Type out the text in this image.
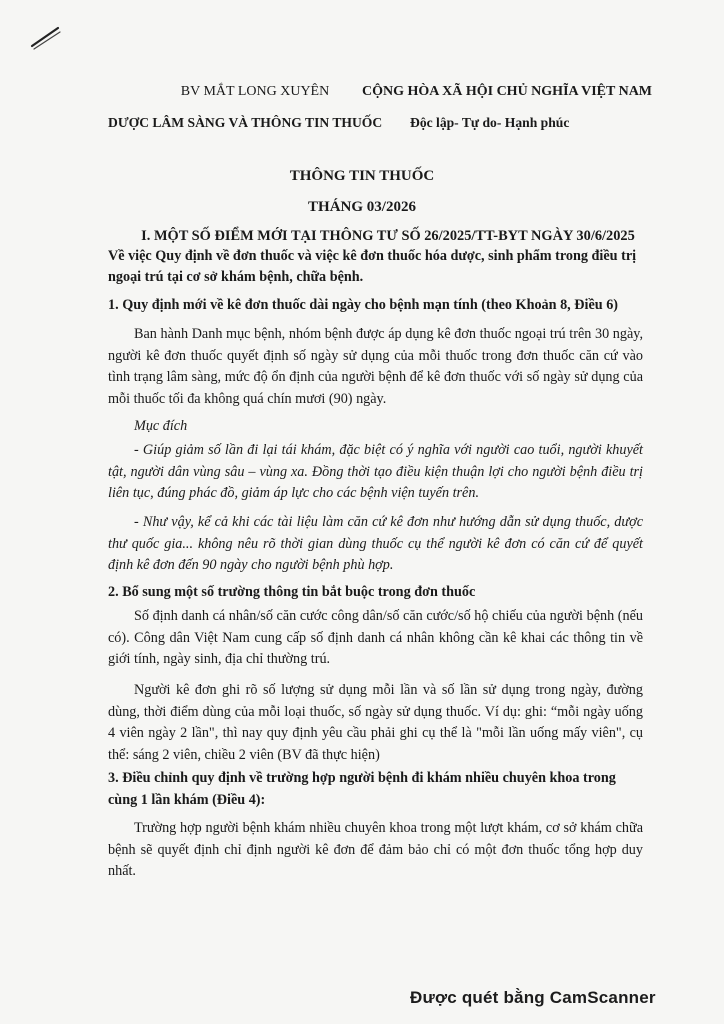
BV MẮT LONG XUYÊN
DƯỢC LÂM SÀNG VÀ THÔNG TIN THUỐC
CỘNG HÒA XÃ HỘI CHỦ NGHĨA VIỆT NAM
Độc lập- Tự do- Hạnh phúc
THÔNG TIN THUỐC
THÁNG 03/2026
I. MỘT SỐ ĐIỂM MỚI TẠI THÔNG TƯ SỐ 26/2025/TT-BYT NGÀY 30/6/2025
Về việc Quy định về đơn thuốc và việc kê đơn thuốc hóa dược, sinh phẩm trong điều trị ngoại trú tại cơ sở khám bệnh, chữa bệnh.
1. Quy định mới về kê đơn thuốc dài ngày cho bệnh mạn tính (theo Khoản 8, Điều 6)
Ban hành Danh mục bệnh, nhóm bệnh được áp dụng kê đơn thuốc ngoại trú trên 30 ngày, người kê đơn thuốc quyết định số ngày sử dụng của mỗi thuốc trong đơn thuốc căn cứ vào tình trạng lâm sàng, mức độ ổn định của người bệnh để kê đơn thuốc với số ngày sử dụng của mỗi thuốc tối đa không quá chín mươi (90) ngày.
Mục đích
- Giúp giảm số lần đi lại tái khám, đặc biệt có ý nghĩa với người cao tuổi, người khuyết tật, người dân vùng sâu – vùng xa. Đồng thời tạo điều kiện thuận lợi cho người bệnh điều trị liên tục, đúng phác đồ, giảm áp lực cho các bệnh viện tuyến trên.
- Như vậy, kể cả khi các tài liệu làm căn cứ kê đơn như hướng dẫn sử dụng thuốc, dược thư quốc gia... không nêu rõ thời gian dùng thuốc cụ thể người kê đơn có căn cứ để quyết định kê đơn đến 90 ngày cho người bệnh phù hợp.
2. Bổ sung một số trường thông tin bắt buộc trong đơn thuốc
Số định danh cá nhân/số căn cước công dân/số căn cước/số hộ chiếu của người bệnh (nếu có). Công dân Việt Nam cung cấp số định danh cá nhân không cần kê khai các thông tin về giới tính, ngày sinh, địa chỉ thường trú.
Người kê đơn ghi rõ số lượng sử dụng mỗi lần và số lần sử dụng trong ngày, đường dùng, thời điểm dùng của mỗi loại thuốc, số ngày sử dụng thuốc. Ví dụ: ghi: “mỗi ngày uống 4 viên ngày 2 lần", thì nay quy định yêu cầu phải ghi cụ thể là "mỗi lần uống mấy viên", cụ thể: sáng 2 viên, chiều 2 viên (BV đã thực hiện)
3. Điều chỉnh quy định về trường hợp người bệnh đi khám nhiều chuyên khoa trong cùng 1 lần khám (Điều 4):
Trường hợp người bệnh khám nhiều chuyên khoa trong một lượt khám, cơ sở khám chữa bệnh sẽ quyết định chỉ định người kê đơn để đảm bảo chỉ có một đơn thuốc tổng hợp duy nhất.
Được quét bằng CamScanner
